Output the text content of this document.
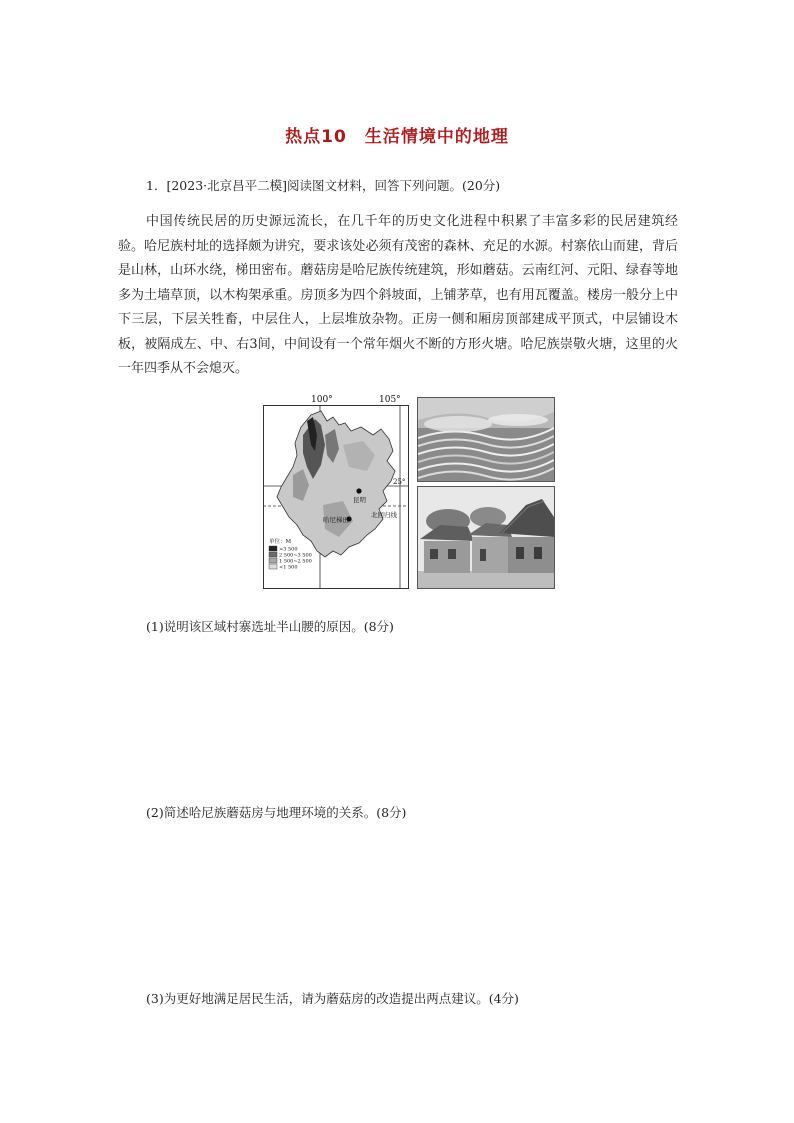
热点10　生活情境中的地理
1．[2023·北京昌平二模]阅读图文材料，回答下列问题。(20分)
中国传统民居的历史源远流长，在几千年的历史文化进程中积累了丰富多彩的民居建筑经验。哈尼族村址的选择颇为讲究，要求该处必须有茂密的森林、充足的水源。村寨依山而建，背后是山林，山环水绕，梯田密布。蘑菇房是哈尼族传统建筑，形如蘑菇。云南红河、元阳、绿春等地多为土墙草顶，以木构架承重。房顶多为四个斜坡面，上铺茅草，也有用瓦覆盖。楼房一般分上中下三层，下层关牲畜，中层住人，上层堆放杂物。正房一侧和厢房顶部建成平顶式，中层铺设木板，被隔成左、中、右3间，中间设有一个常年烟火不断的方形火塘。哈尼族崇敬火塘，这里的火一年四季从不会熄灭。
单位：M
>3 500
2 500~3 500
1 500~2 500
<1 500
昆明
哈尼梯田
北回归线
100°	105°
25°
(1)说明该区域村寨选址半山腰的原因。(8分)
(2)简述哈尼族蘑菇房与地理环境的关系。(8分)
(3)为更好地满足居民生活，请为蘑菇房的改造提出两点建议。(4分)
